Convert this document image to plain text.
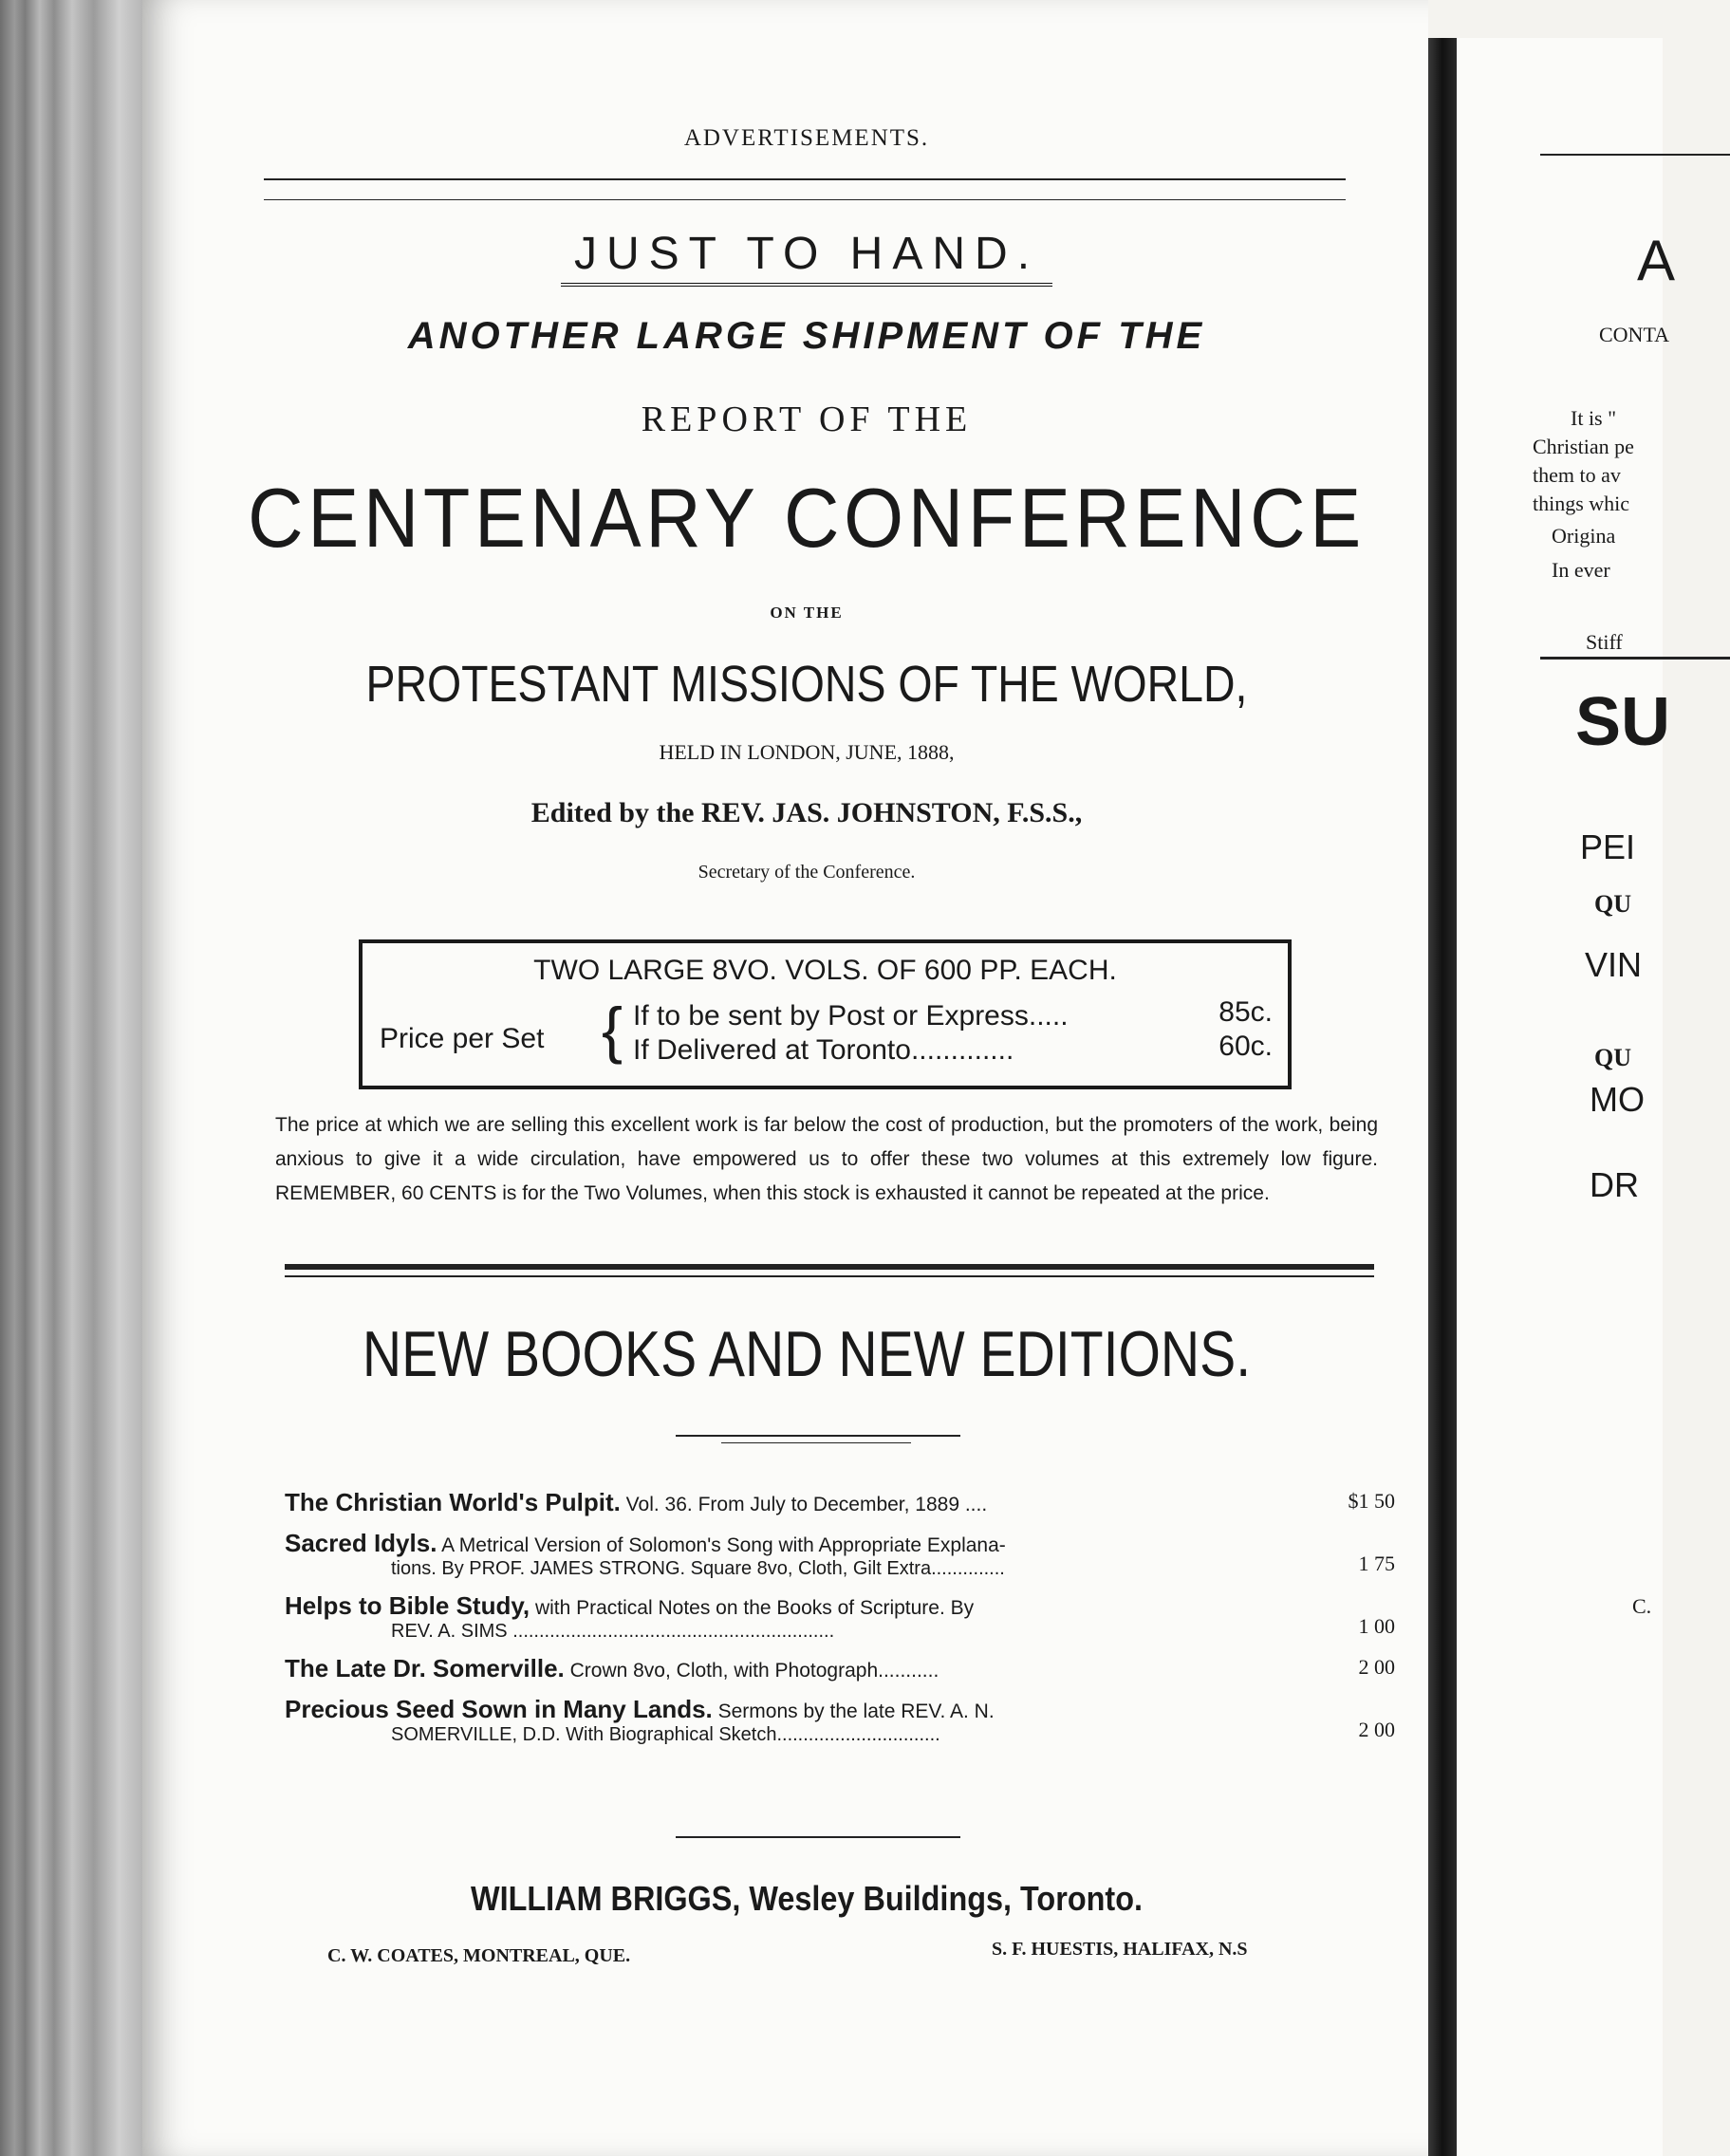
ADVERTISEMENTS.
JUST TO HAND.
ANOTHER LARGE SHIPMENT OF THE
REPORT OF THE
CENTENARY CONFERENCE
ON THE
PROTESTANT MISSIONS OF THE WORLD,
HELD IN LONDON, JUNE, 1888,
Edited by the REV. JAS. JOHNSTON, F.S.S.,
Secretary of the Conference.
TWO LARGE 8VO. VOLS. OF 600 PP. EACH.
Price per Set { If to be sent by Post or Express.....	85c.
If Delivered at Toronto.............	60c.
The price at which we are selling this excellent work is far below the cost of production, but the promoters of the work, being anxious to give it a wide circulation, have empowered us to offer these two volumes at this extremely low figure. REMEMBER, 60 CENTS is for the Two Volumes, when this stock is exhausted it cannot be repeated at the price.
NEW BOOKS AND NEW EDITIONS.
The Christian World's Pulpit. Vol. 36. From July to December, 1889 ....	$1 50
Sacred Idyls. A Metrical Version of Solomon's Song with Appropriate Explana-
tions. By PROF. JAMES STRONG. Square 8vo, Cloth, Gilt Extra..............	1 75
Helps to Bible Study, with Practical Notes on the Books of Scripture. By
REV. A. SIMS .............................................................	1 00
The Late Dr. Somerville. Crown 8vo, Cloth, with Photograph...........	2 00
Precious Seed Sown in Many Lands. Sermons by the late REV. A. N.
SOMERVILLE, D.D. With Biographical Sketch...............................	2 00
WILLIAM BRIGGS, Wesley Buildings, Toronto.
C. W. COATES, MONTREAL, QUE.	S. F. HUESTIS, HALIFAX, N.S
A
CONTA
It is "
Christian pe
them to av
things whic
Origina
In ever
Stiff
SU
PEI
QU
VIN
QU
MO
DR
C.
